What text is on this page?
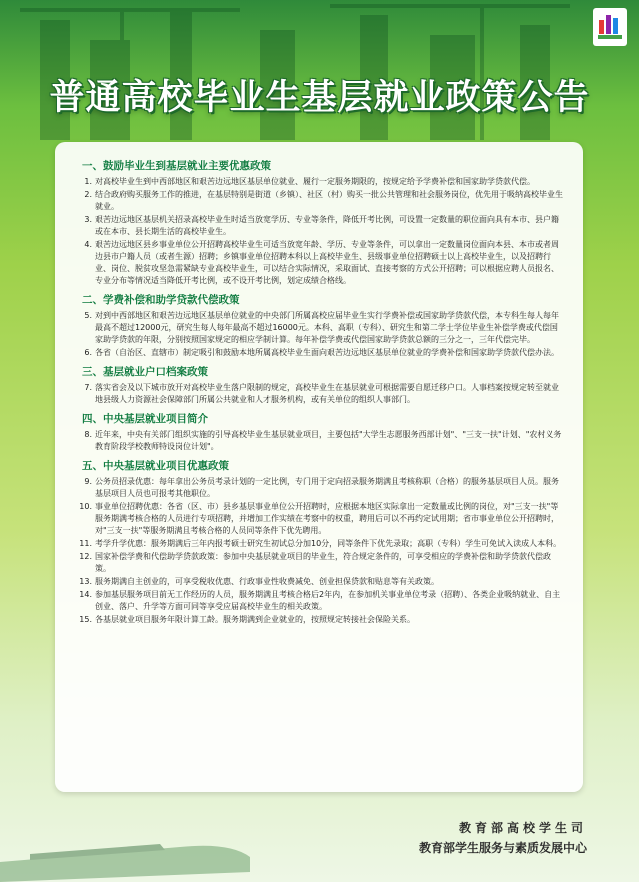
普通高校毕业生基层就业政策公告
一、鼓励毕业生到基层就业主要优惠政策
1. 对高校毕业生到中西部地区和艰苦边远地区基层单位就业、履行一定服务期限的，按规定给予学费补偿和国家助学贷款代偿。
2. 结合政府购买服务工作的推进，在基层特别是街道（乡镇）、社区（村）购买一批公共管理和社会服务岗位，优先用于吸纳高校毕业生就业。
3. 艰苦边远地区基层机关招录高校毕业生时适当放宽学历、专业等条件，降低开考比例，可设置一定数量的职位面向具有本市、县户籍或在本市、县长期生活的高校毕业生。
4. 艰苦边远地区县乡事业单位公开招聘高校毕业生可适当放宽年龄、学历、专业等条件，可以拿出一定数量岗位面向本县、本市或者周边县市户籍人员（或者生源）招聘；乡镇事业单位招聘本科以上高校毕业生、县级事业单位招聘硕士以上高校毕业生，以及招聘行业、岗位、脱贫攻坚急需紧缺专业高校毕业生，可以结合实际情况，采取面试、直接考察的方式公开招聘；可以根据应聘人员报名、专业分布等情况适当降低开考比例，或不设开考比例，划定成绩合格线。
二、学费补偿和助学贷款代偿政策
5. 对到中西部地区和艰苦边远地区基层单位就业的中央部门所属高校应届毕业生实行学费补偿或国家助学贷款代偿，本专科生每人每年最高不超过12000元，研究生每人每年最高不超过16000元。本科、高职（专科）、研究生和第二学士学位毕业生补偿学费或代偿国家助学贷款的年限，分别按照国家规定的相应学制计算。每年补偿学费或代偿国家助学贷款总额的三分之一，三年代偿完毕。
6. 各省（自治区、直辖市）制定吸引和鼓励本地所属高校毕业生面向艰苦边远地区基层单位就业的学费补偿和国家助学贷款代偿办法。
三、基层就业户口档案政策
7. 落实省会及以下城市放开对高校毕业生落户限制的规定，高校毕业生在基层就业可根据需要自愿迁移户口。人事档案按规定转至就业地县级人力资源社会保障部门所属公共就业和人才服务机构，或有关单位的组织人事部门。
四、中央基层就业项目简介
8. 近年来，中央有关部门组织实施的引导高校毕业生基层就业项目，主要包括"大学生志愿服务西部计划"、"三支一扶"计划、"农村义务教育阶段学校教师特设岗位计划"。
五、中央基层就业项目优惠政策
9. 公务员招录优惠：每年拿出公务员考录计划的一定比例，专门用于定向招录服务期满且考核称职（合格）的服务基层项目人员。服务基层项目人员也可报考其他职位。
10. 事业单位招聘优惠：各省（区、市）县乡基层事业单位公开招聘时，应根据本地区实际拿出一定数量或比例的岗位，对"三支一扶"等服务期满考核合格的人员进行专项招聘，并增加工作实绩在考察中的权重，聘用后可以不再约定试用期；省市事业单位公开招聘时，对"三支一扶"等服务期满且考核合格的人员同等条件下优先聘用。
11. 考学升学优惠：服务期满后三年内报考硕士研究生初试总分加10分，同等条件下优先录取；高职（专科）学生可免试入读成人本科。
12. 国家补偿学费和代偿助学贷款政策：参加中央基层就业项目的毕业生，符合规定条件的，可享受相应的学费补偿和助学贷款代偿政策。
13. 服务期满自主创业的，可享受税收优惠、行政事业性收费减免、创业担保贷款和贴息等有关政策。
14. 参加基层服务项目前无工作经历的人员，服务期满且考核合格后2年内，在参加机关事业单位考录（招聘）、各类企业吸纳就业、自主创业、落户、升学等方面可同等享受应届高校毕业生的相关政策。
15. 各基层就业项目服务年限计算工龄。服务期满到企业就业的，按照规定转接社会保险关系。
教育部高校学生司
教育部学生服务与素质发展中心
